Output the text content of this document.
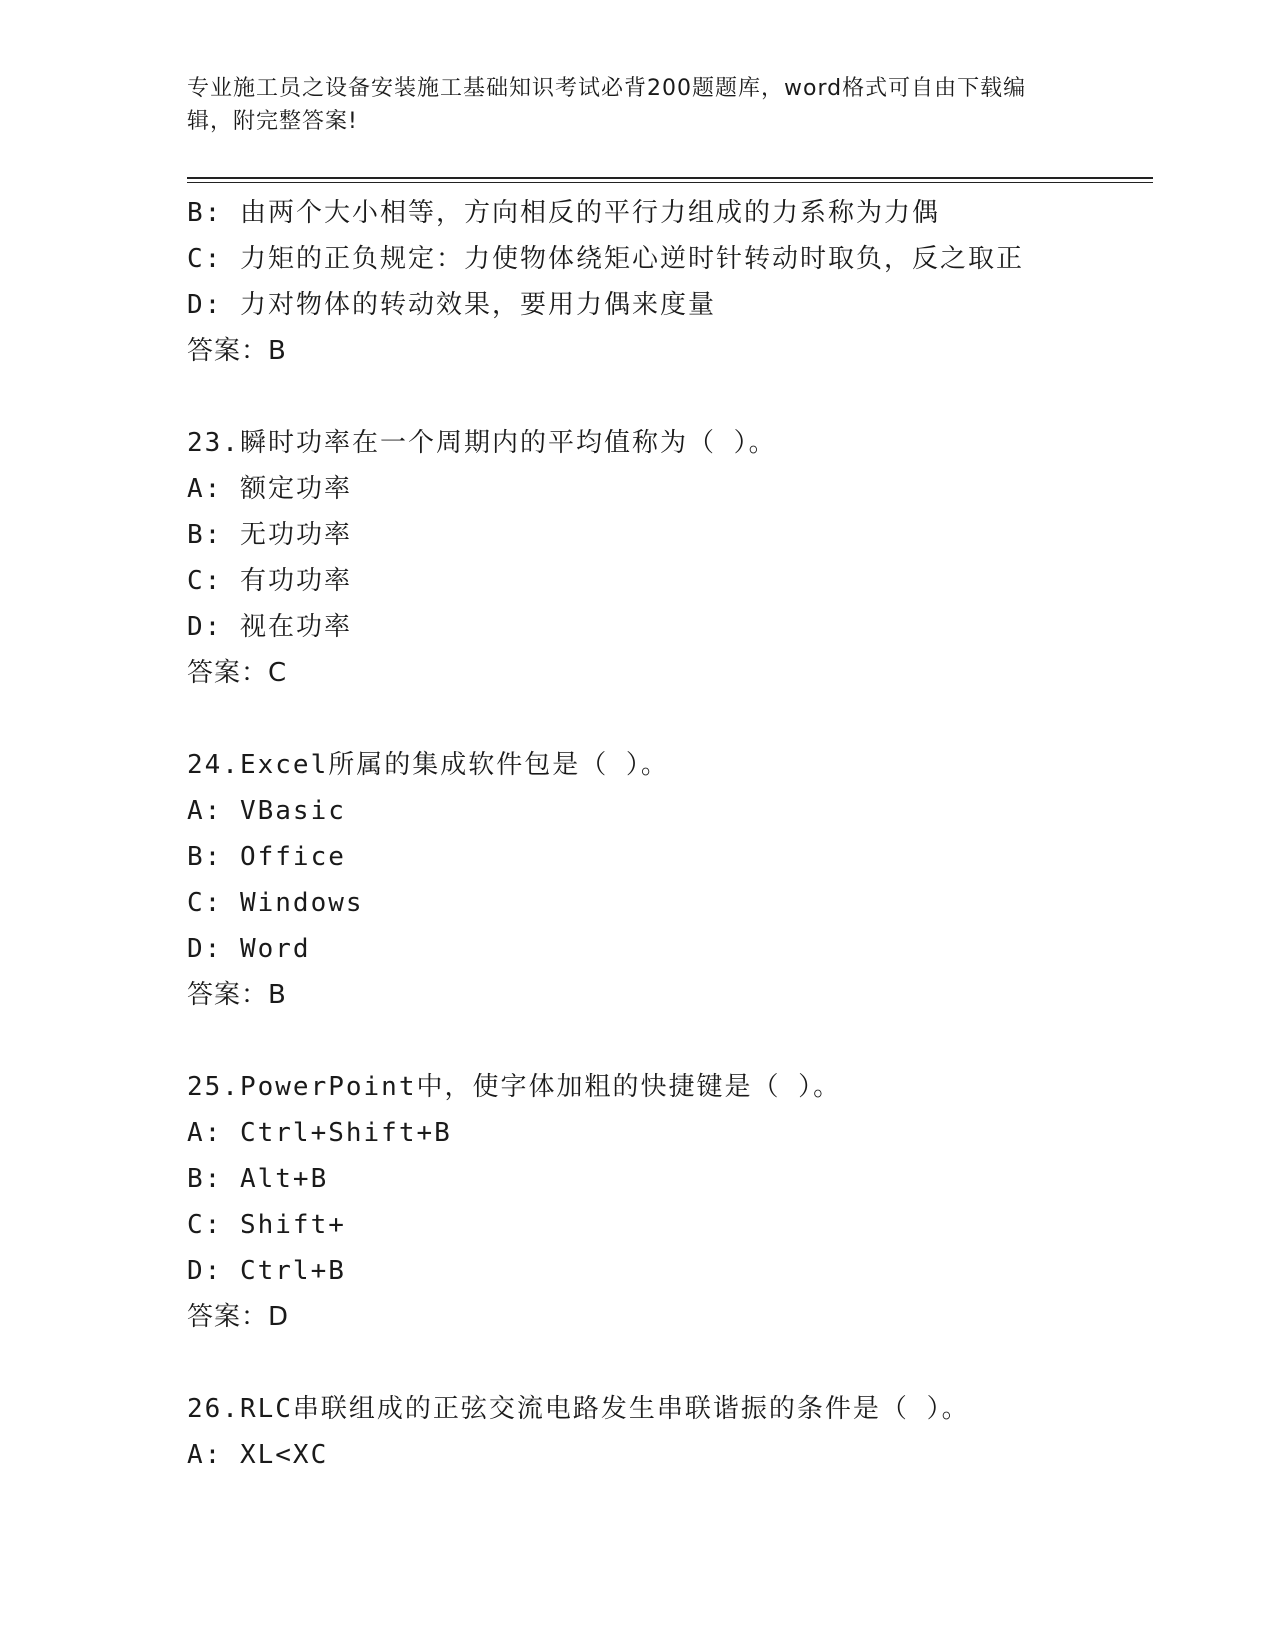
专业施工员之设备安装施工基础知识考试必背200题题库，word格式可自由下载编辑，附完整答案!
B: 由两个大小相等，方向相反的平行力组成的力系称为力偶
C: 力矩的正负规定：力使物体绕矩心逆时针转动时取负，反之取正
D: 力对物体的转动效果，要用力偶来度量
答案：B
23.瞬时功率在一个周期内的平均值称为（ ）。
A: 额定功率
B: 无功功率
C: 有功功率
D: 视在功率
答案：C
24.Excel所属的集成软件包是（ ）。
A: VBasic
B: Office
C: Windows
D: Word
答案：B
25.PowerPoint中，使字体加粗的快捷键是（ ）。
A: Ctrl+Shift+B
B: Alt+B
C: Shift+
D: Ctrl+B
答案：D
26.RLC串联组成的正弦交流电路发生串联谐振的条件是（ ）。
A: XL<XC
